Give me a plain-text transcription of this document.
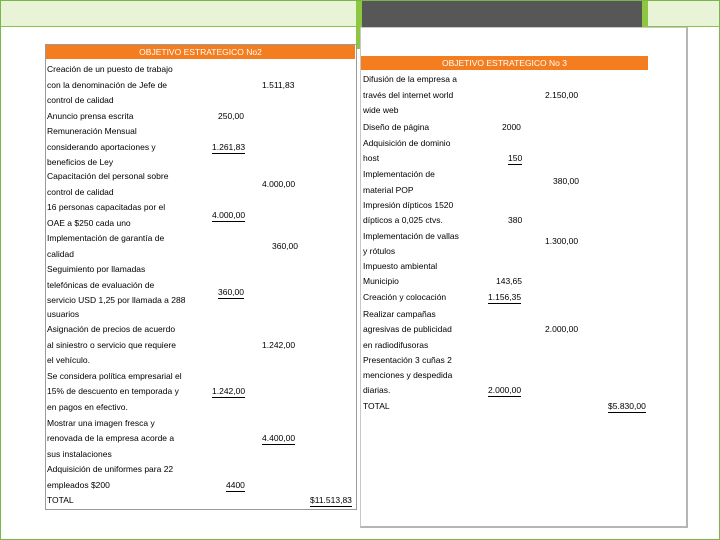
OBJETIVO ESTRATEGICO No2
Creación de un puesto de trabajo
con la denominación de Jefe de
control de calidad
Anuncio prensa escrita
Remuneración Mensual
considerando aportaciones y
beneficios de Ley
Capacitación del personal sobre
control de calidad
16 personas capacitadas por el
OAE a $250 cada uno
Implementación de garantía de
calidad
Seguimiento por llamadas
telefónicas de evaluación de
servicio USD 1,25 por llamada a 288
usuarios
Asignación de precios de acuerdo
al siniestro o servicio que requiere
el vehículo.
Se considera política empresarial el
15% de descuento en temporada y
en pagos en efectivo.
Mostrar una imagen fresca y
renovada de la empresa acorde a
sus instalaciones
Adquisición de uniformes para 22
empleados $200
TOTAL
1.511,83
250,00
1.261,83
4.000,00
4.000,00
360,00
360,00
1.242,00
1.242,00
4.400,00
4400
$11.513,83
OBJETIVO ESTRATEGICO No 3
Difusión de la empresa a
través del internet world
wide web
Diseño de página
Adquisición de dominio
host
Implementación de
material POP
Impresión dípticos 1520
dípticos a 0,025 ctvs.
Implementación de vallas
y rótulos
Impuesto ambiental
Municipio
Creación y colocación
Realizar campañas
agresivas de publicidad
en radiodifusoras
Presentación 3 cuñas 2
menciones y despedida
diarias.
TOTAL
2.150,00
2000
150
380,00
380
1.300,00
143,65
1.156,35
2.000,00
2.000,00
$5.830,00
